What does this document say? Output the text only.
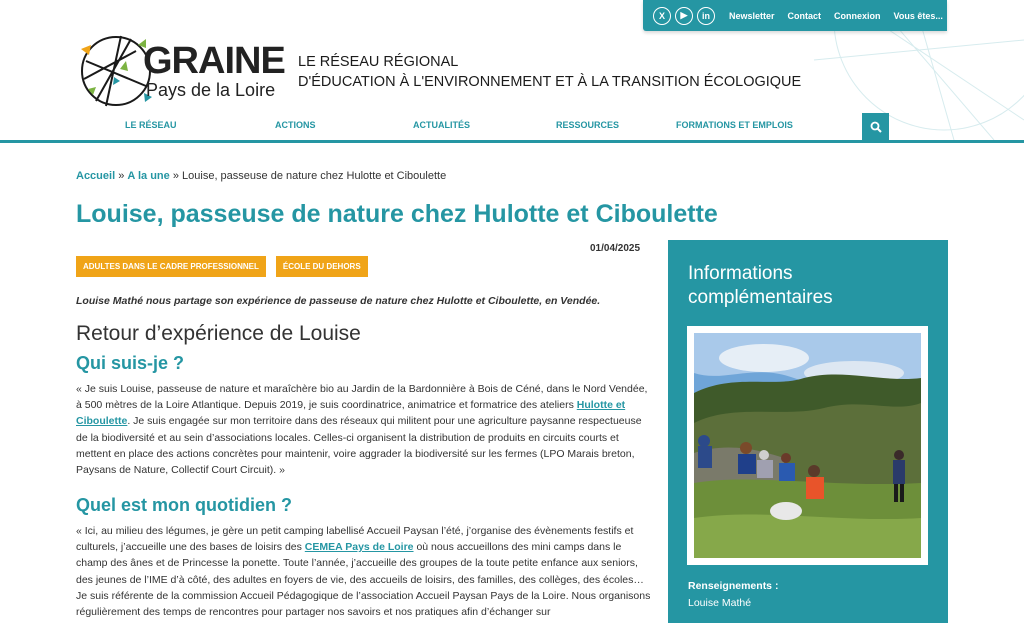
X	▶	in	Newsletter Contact Connexion Vous êtes...
GRAINE
Pays de la Loire
LE RÉSEAU RÉGIONAL
D'ÉDUCATION À L'ENVIRONNEMENT ET À LA TRANSITION ÉCOLOGIQUE
LE RÉSEAU	ACTIONS	ACTUALITÉS	RESSOURCES	FORMATIONS ET EMPLOIS
Accueil » A la une » Louise, passeuse de nature chez Hulotte et Ciboulette
Louise, passeuse de nature chez Hulotte et Ciboulette
01/04/2025
ADULTES DANS LE CADRE PROFESSIONNEL	ÉCOLE DU DEHORS
Louise Mathé nous partage son expérience de passeuse de nature chez Hulotte et Ciboulette, en Vendée.
Retour d’expérience de Louise
Qui suis-je ?

« Je suis Louise, passeuse de nature et maraîchère bio au Jardin de la Bardonnière à Bois de Céné, dans le Nord Vendée, à 500 mètres de la Loire Atlantique. Depuis 2019, je suis coordinatrice, animatrice et formatrice des ateliers Hulotte et Ciboulette. Je suis engagée sur mon territoire dans des réseaux qui militent pour une agriculture paysanne respectueuse de la biodiversité et au sein d’associations locales. Celles-ci organisent la distribution de produits en circuits courts et mettent en place des actions concrètes pour maintenir, voire aggrader la biodiversité sur les fermes (LPO Marais breton, Paysans de Nature, Collectif Court Circuit). »

Quel est mon quotidien ?

« Ici, au milieu des légumes, je gère un petit camping labellisé Accueil Paysan l’été, j’organise des évènements festifs et culturels, j’accueille une des bases de loisirs des CEMEA Pays de Loire où nous accueillons des mini camps dans le champ des ânes et de Princesse la ponette. Toute l’année, j’accueille des groupes de la toute petite enfance aux seniors, des jeunes de l’IME d’à côté, des adultes en foyers de vie, des accueils de loisirs, des familles, des collèges, des écoles… Je suis référente de la commission Accueil Pédagogique de l’association Accueil Paysan Pays de la Loire. Nous organisons régulièrement des temps de rencontres pour partager nos savoirs et nos pratiques afin d’échanger sur

Informations complémentaires
Renseignements :
Louise Mathé
